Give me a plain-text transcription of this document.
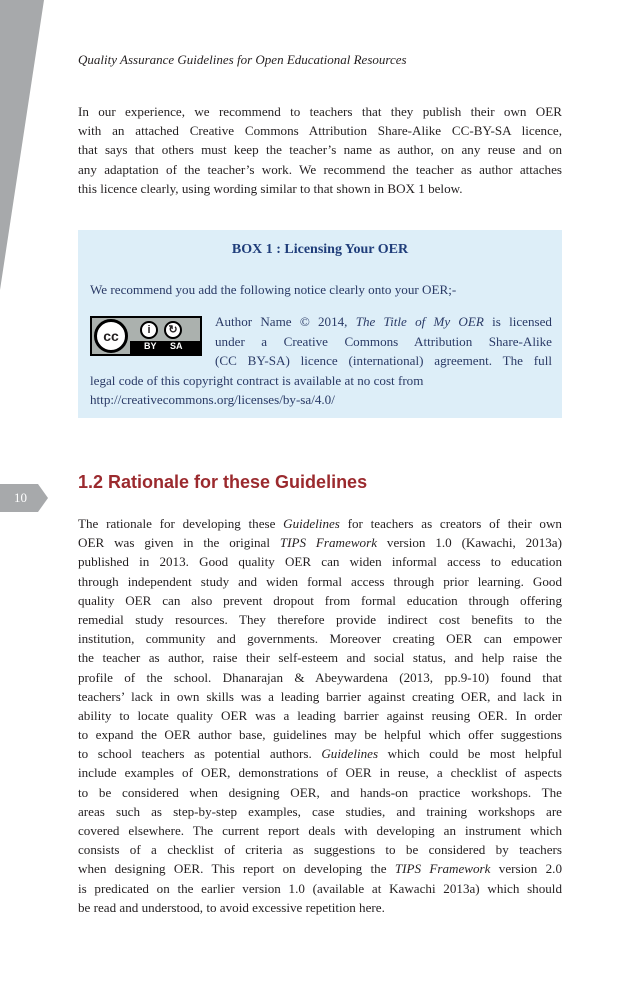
Quality Assurance Guidelines for Open Educational Resources
In our experience, we recommend to teachers that they publish their own OER
with an attached Creative Commons Attribution Share-Alike CC-BY-SA licence,
that says that others must keep the teacher’s name as author, on any reuse and on
any adaptation of the teacher’s work. We recommend the teacher as author attaches
this licence clearly, using wording similar to that shown in BOX 1 below.
BOX 1 : Licensing Your OER
We recommend you add the following notice clearly onto your OER;-
cc	i	↻
BY SA
Author Name © 2014, The Title of My OER is licensed
under a Creative Commons Attribution Share-Alike
(CC BY-SA) licence (international) agreement. The full
legal code of this copyright contract is available at no cost from
http://creativecommons.org/licenses/by-sa/4.0/
10
1.2 Rationale for these Guidelines
The rationale for developing these Guidelines for teachers as creators of their own
OER was given in the original TIPS Framework version 1.0 (Kawachi, 2013a)
published in 2013. Good quality OER can widen informal access to education
through independent study and widen formal access through prior learning. Good
quality OER can also prevent dropout from formal education through offering
remedial study resources. They therefore provide indirect cost benefits to the
institution, community and governments. Moreover creating OER can empower
the teacher as author, raise their self-esteem and social status, and help raise the
profile of the school. Dhanarajan & Abeywardena (2013, pp.9-10) found that
teachers’ lack in own skills was a leading barrier against creating OER, and lack in
ability to locate quality OER was a leading barrier against reusing OER. In order
to expand the OER author base, guidelines may be helpful which offer suggestions
to school teachers as potential authors. Guidelines which could be most helpful
include examples of OER, demonstrations of OER in reuse, a checklist of aspects
to be considered when designing OER, and hands-on practice workshops. The
areas such as step-by-step examples, case studies, and training workshops are
covered elsewhere. The current report deals with developing an instrument which
consists of a checklist of criteria as suggestions to be considered by teachers
when designing OER. This report on developing the TIPS Framework version 2.0
is predicated on the earlier version 1.0 (available at Kawachi 2013a) which should
be read and understood, to avoid excessive repetition here.
